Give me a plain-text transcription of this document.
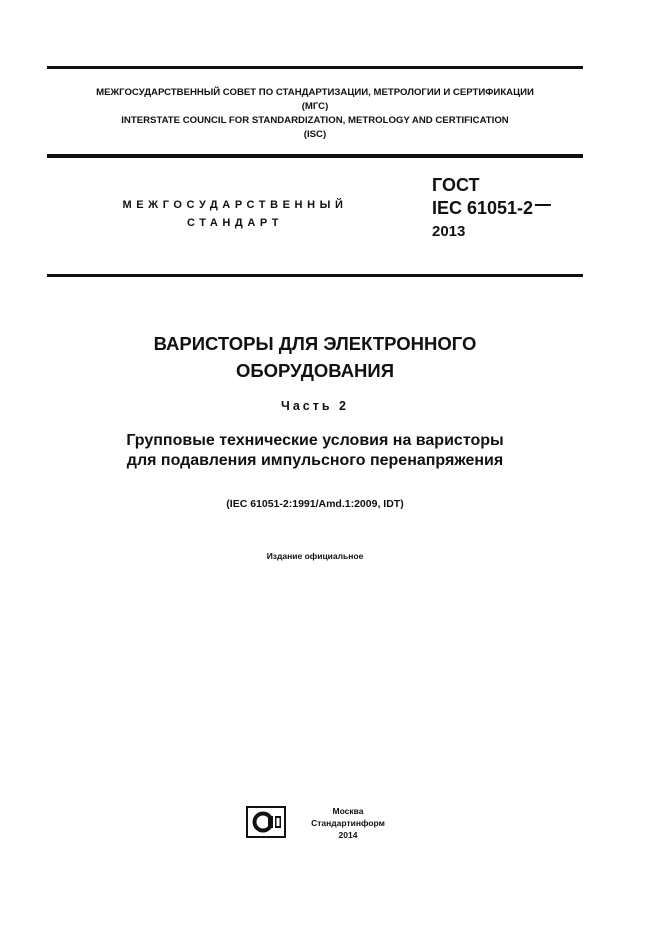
МЕЖГОСУДАРСТВЕННЫЙ СОВЕТ ПО СТАНДАРТИЗАЦИИ, МЕТРОЛОГИИ И СЕРТИФИКАЦИИ
(МГС)
INTERSTATE COUNCIL FOR STANDARDIZATION, METROLOGY AND CERTIFICATION
(ISC)
МЕЖГОСУДАРСТВЕННЫЙ
СТАНДАРТ
ГОСТ
IEC 61051-2
2013
ВАРИСТОРЫ ДЛЯ ЭЛЕКТРОННОГО
ОБОРУДОВАНИЯ
Часть 2
Групповые технические условия на варисторы
для подавления импульсного перенапряжения
(IEC 61051-2:1991/Amd.1:2009, IDT)
Издание официальное
Москва
Стандартинформ
2014
